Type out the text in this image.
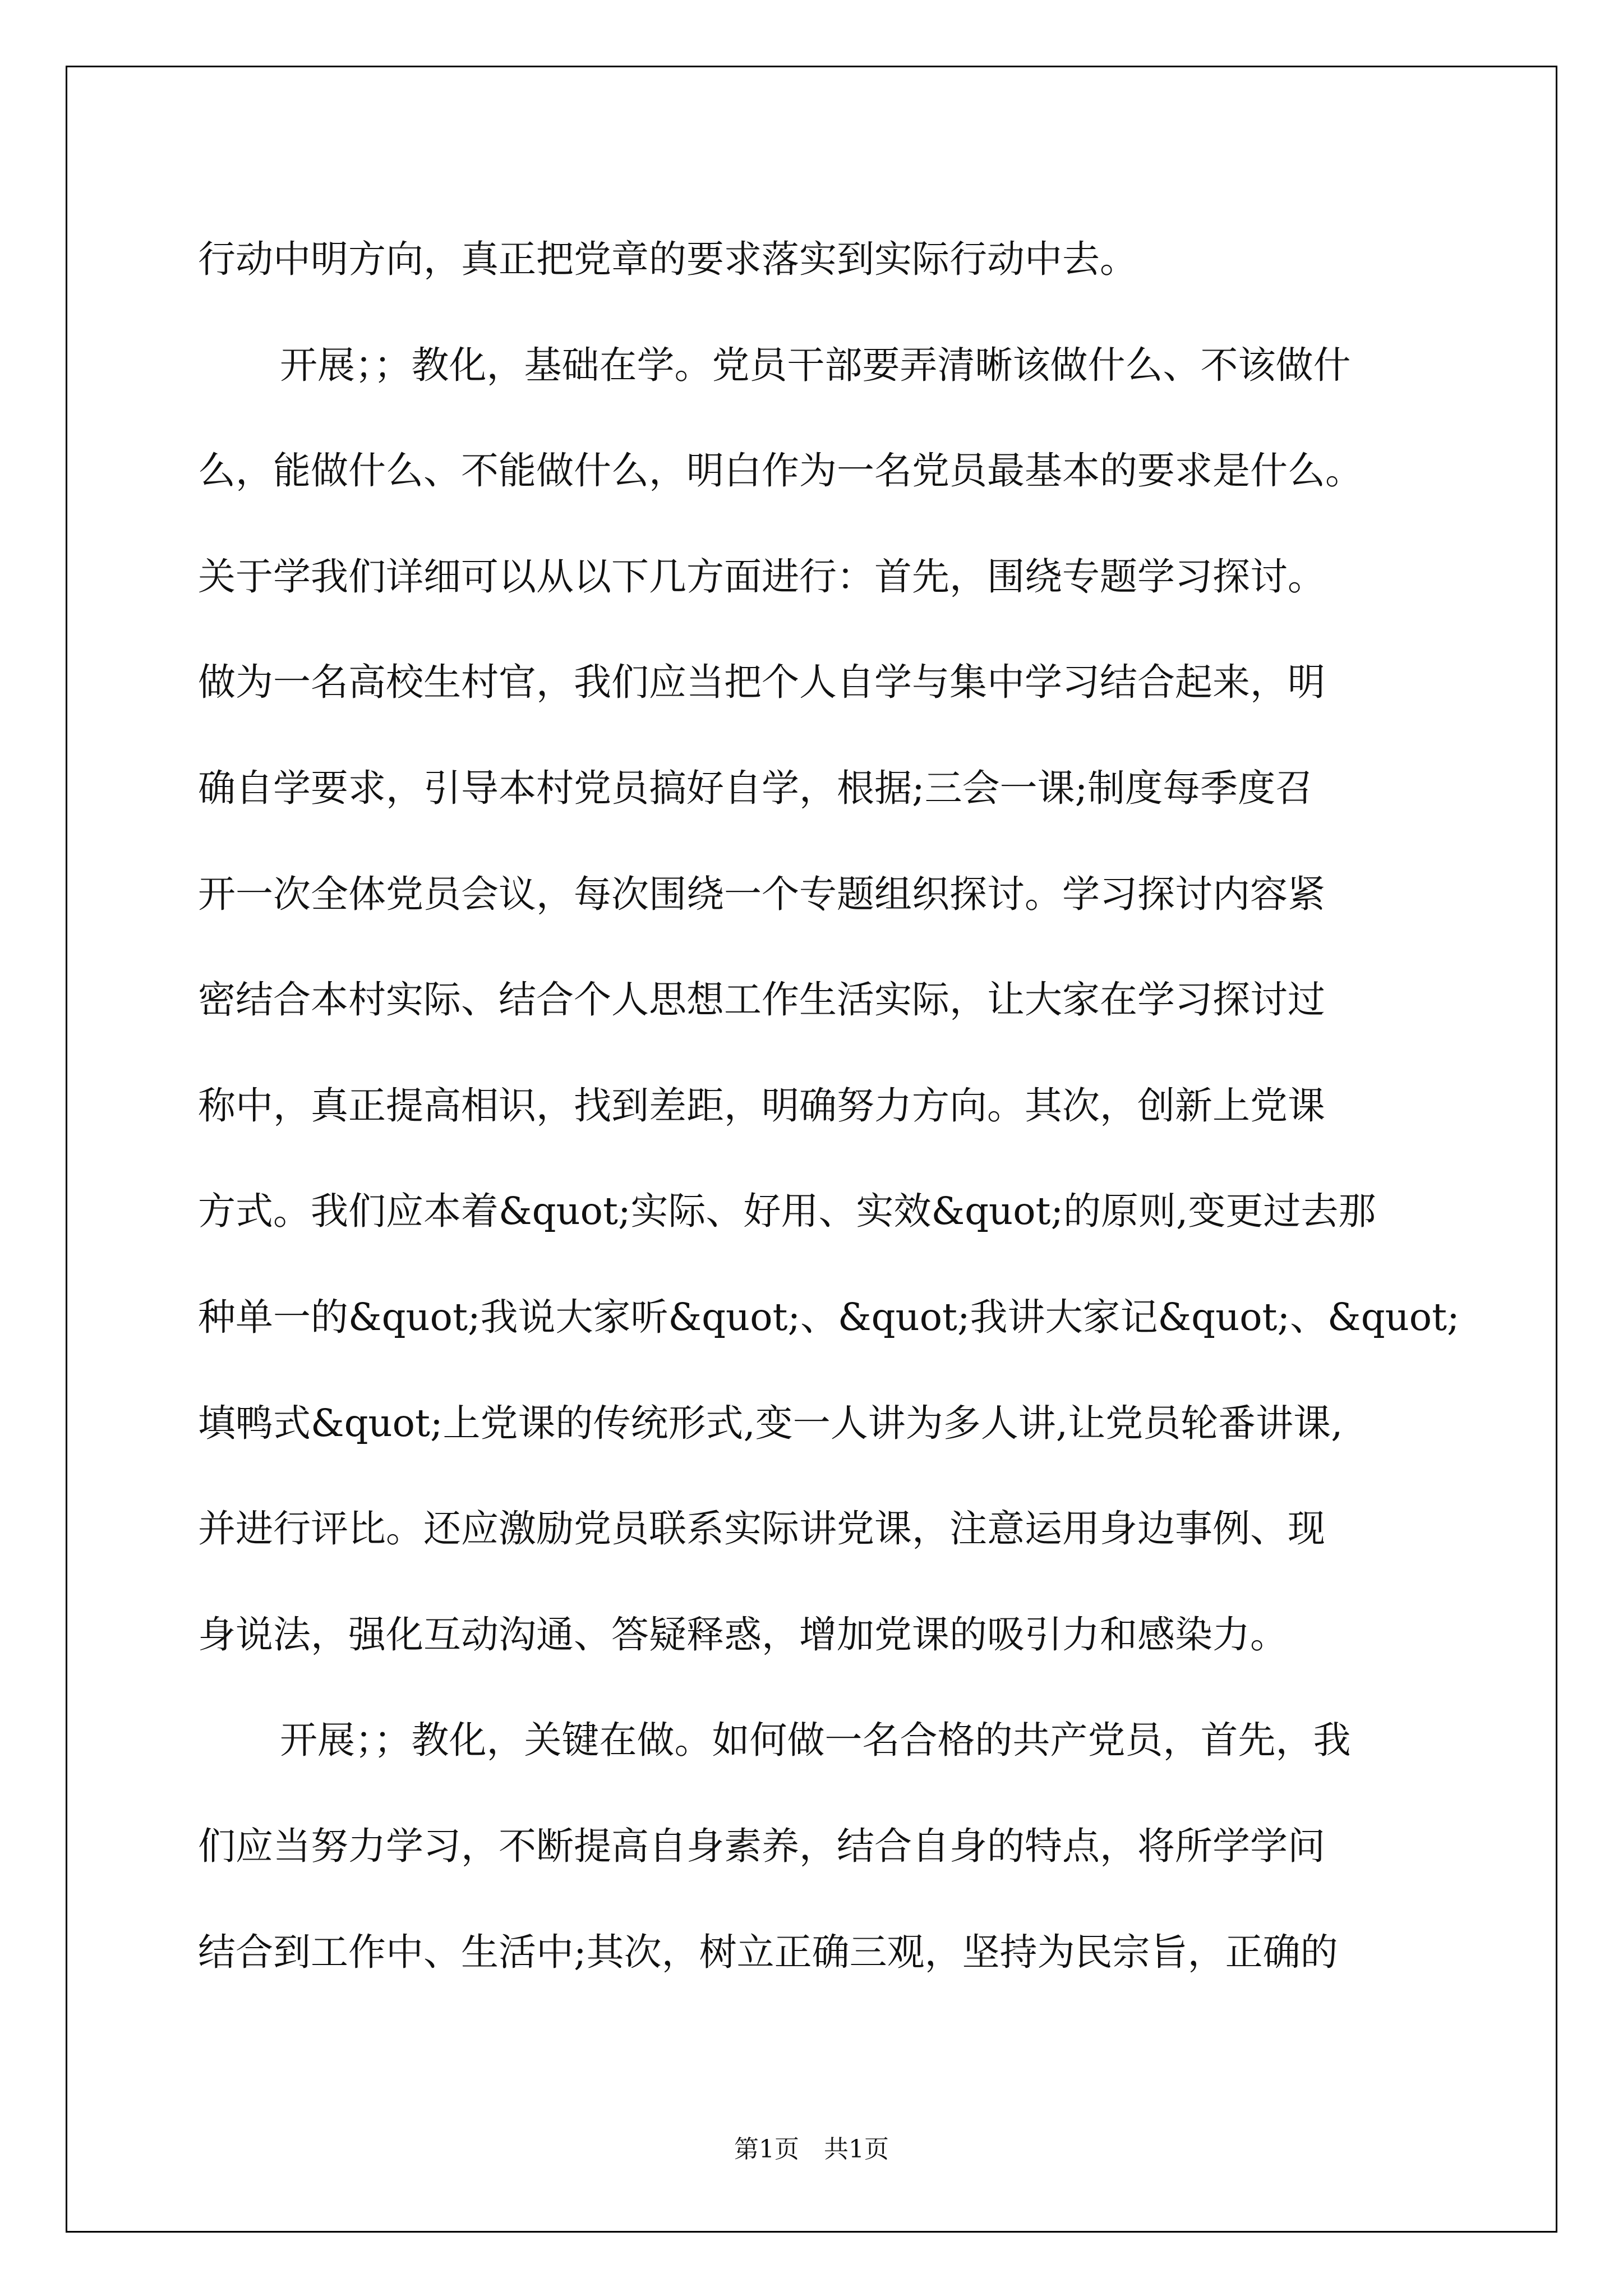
行动中明方向，真正把党章的要求落实到实际行动中去。
开展；；教化，基础在学。党员干部要弄清晰该做什么、不该做什
么，能做什么、不能做什么，明白作为一名党员最基本的要求是什么。
关于学我们详细可以从以下几方面进行：首先，围绕专题学习探讨。
做为一名高校生村官，我们应当把个人自学与集中学习结合起来，明
确自学要求，引导本村党员搞好自学，根据;三会一课;制度每季度召
开一次全体党员会议，每次围绕一个专题组织探讨。学习探讨内容紧
密结合本村实际、结合个人思想工作生活实际，让大家在学习探讨过
称中，真正提高相识，找到差距，明确努力方向。其次，创新上党课
方式。我们应本着&quot;实际、好用、实效&quot;的原则,变更过去那
种单一的&quot;我说大家听&quot;、&quot;我讲大家记&quot;、&quot;
填鸭式&quot;上党课的传统形式,变一人讲为多人讲,让党员轮番讲课,
并进行评比。还应激励党员联系实际讲党课，注意运用身边事例、现
身说法，强化互动沟通、答疑释惑，增加党课的吸引力和感染力。
开展；；教化，关键在做。如何做一名合格的共产党员，首先，我
们应当努力学习，不断提高自身素养，结合自身的特点，将所学学问
结合到工作中、生活中;其次，树立正确三观，坚持为民宗旨，正确的
第1页　共1页
